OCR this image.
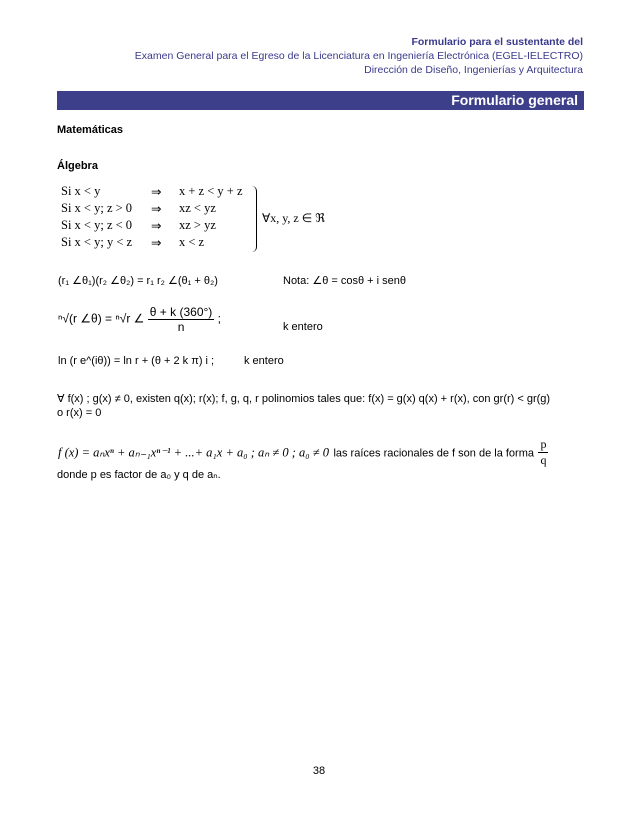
Formulario para el sustentante del
Examen General para el Egreso de la Licenciatura en Ingeniería Electrónica (EGEL-IELECTRO)
Dirección de Diseño, Ingenierías y Arquitectura
Formulario general
Matemáticas
Álgebra
Si x < y	⇒ x + z < y + z
Si x < y; z > 0 ⇒ xz < yz
Si x < y; z < 0 ⇒ xz > yz
Si x < y; y < z ⇒ x < z
∀x, y, z ∈ ℜ
(r₁ ∠θ₁)(r₂ ∠θ₂) = r₁ r₂ ∠(θ₁ + θ₂)	Nota: ∠θ = cosθ + i senθ
ⁿ√(r ∠θ) = ⁿ√r ∠ $\frac{\theta + k (360^\circ)}{n}$ ;
k entero
ln (r e^(iθ)) = ln r + (θ + 2 k π) i ;	k entero
∀ f(x) ; g(x) ≠ 0, existen q(x); r(x); f, g, q, r polinomios tales que: f(x) = g(x) q(x) + r(x), con gr(r) < gr(g)
o r(x) = 0
f (x) = aₙxⁿ + aₙ₋₁xⁿ⁻¹ + ...+ a₁x + a₀ ; aₙ ≠ 0 ; a₀ ≠ 0 las raíces racionales de f son de la forma $\frac{p}{q}$
donde p es factor de a₀ y q de aₙ.
38
